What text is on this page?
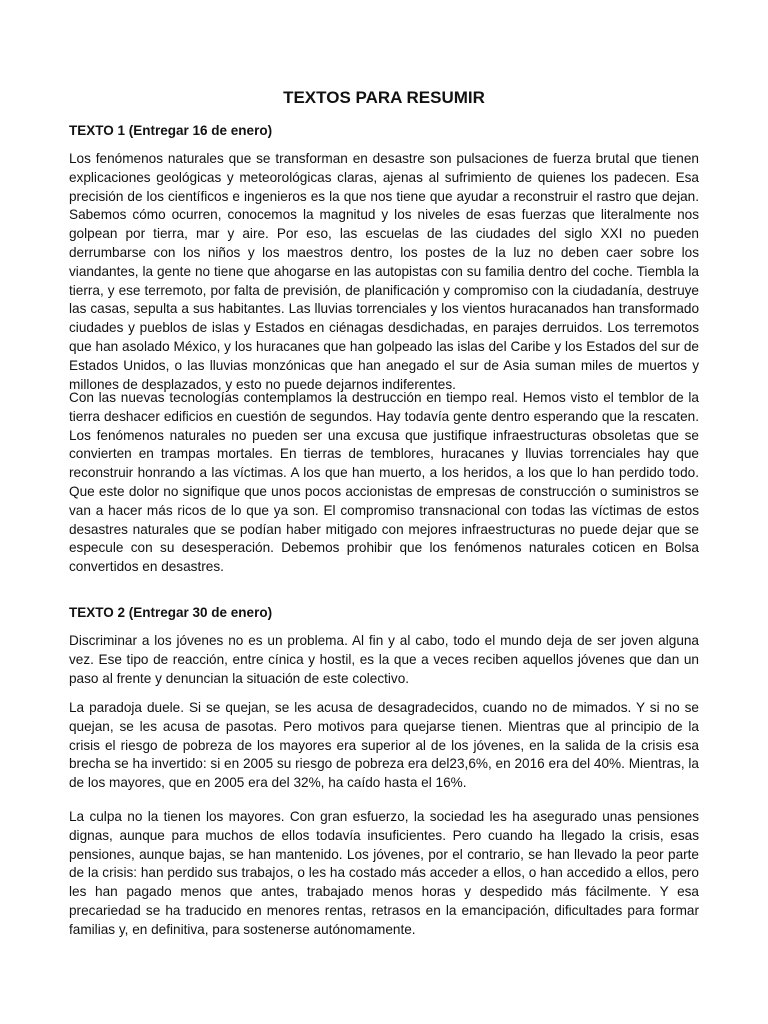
TEXTOS PARA RESUMIR
TEXTO 1 (Entregar 16 de enero)

Los fenómenos naturales que se transforman en desastre son pulsaciones de fuerza brutal que tienen explicaciones geológicas y meteorológicas claras, ajenas al sufrimiento de quienes los padecen. Esa precisión de los científicos e ingenieros es la que nos tiene que ayudar a reconstruir el rastro que dejan. Sabemos cómo ocurren, conocemos la magnitud y los niveles de esas fuerzas que literalmente nos golpean por tierra, mar y aire. Por eso, las escuelas de las ciudades del siglo XXI no pueden derrumbarse con los niños y los maestros dentro, los postes de la luz no deben caer sobre los viandantes, la gente no tiene que ahogarse en las autopistas con su familia dentro del coche. Tiembla la tierra, y ese terremoto, por falta de previsión, de planificación y compromiso con la ciudadanía, destruye las casas, sepulta a sus habitantes. Las lluvias torrenciales y los vientos huracanados han transformado ciudades y pueblos de islas y Estados en ciénagas desdichadas, en parajes derruidos. Los terremotos que han asolado México, y los huracanes que han golpeado las islas del Caribe y los Estados del sur de Estados Unidos, o las lluvias monzónicas que han anegado el sur de Asia suman miles de muertos y millones de desplazados, y esto no puede dejarnos indiferentes.

Con las nuevas tecnologías contemplamos la destrucción en tiempo real. Hemos visto el temblor de la tierra deshacer edificios en cuestión de segundos. Hay todavía gente dentro esperando que la rescaten. Los fenómenos naturales no pueden ser una excusa que justifique infraestructuras obsoletas que se convierten en trampas mortales. En tierras de temblores, huracanes y lluvias torrenciales hay que reconstruir honrando a las víctimas. A los que han muerto, a los heridos, a los que lo han perdido todo. Que este dolor no signifique que unos pocos accionistas de empresas de construcción o suministros se van a hacer más ricos de lo que ya son. El compromiso transnacional con todas las víctimas de estos desastres naturales que se podían haber mitigado con mejores infraestructuras no puede dejar que se especule con su desesperación. Debemos prohibir que los fenómenos naturales coticen en Bolsa convertidos en desastres.

TEXTO 2 (Entregar 30 de enero)

Discriminar a los jóvenes no es un problema. Al fin y al cabo, todo el mundo deja de ser joven alguna vez. Ese tipo de reacción, entre cínica y hostil, es la que a veces reciben aquellos jóvenes que dan un paso al frente y denuncian la situación de este colectivo.

La paradoja duele. Si se quejan, se les acusa de desagradecidos, cuando no de mimados. Y si no se quejan, se les acusa de pasotas. Pero motivos para quejarse tienen. Mientras que al principio de la crisis el riesgo de pobreza de los mayores era superior al de los jóvenes, en la salida de la crisis esa brecha se ha invertido: si en 2005 su riesgo de pobreza era del23,6%, en 2016 era del 40%. Mientras, la de los mayores, que en 2005 era del 32%, ha caído hasta el 16%.

La culpa no la tienen los mayores. Con gran esfuerzo, la sociedad les ha asegurado unas pensiones dignas, aunque para muchos de ellos todavía insuficientes. Pero cuando ha llegado la crisis, esas pensiones, aunque bajas, se han mantenido. Los jóvenes, por el contrario, se han llevado la peor parte de la crisis: han perdido sus trabajos, o les ha costado más acceder a ellos, o han accedido a ellos, pero les han pagado menos que antes, trabajado menos horas y despedido más fácilmente. Y esa precariedad se ha traducido en menores rentas, retrasos en la emancipación, dificultades para formar familias y, en definitiva, para sostenerse autónomamente.
